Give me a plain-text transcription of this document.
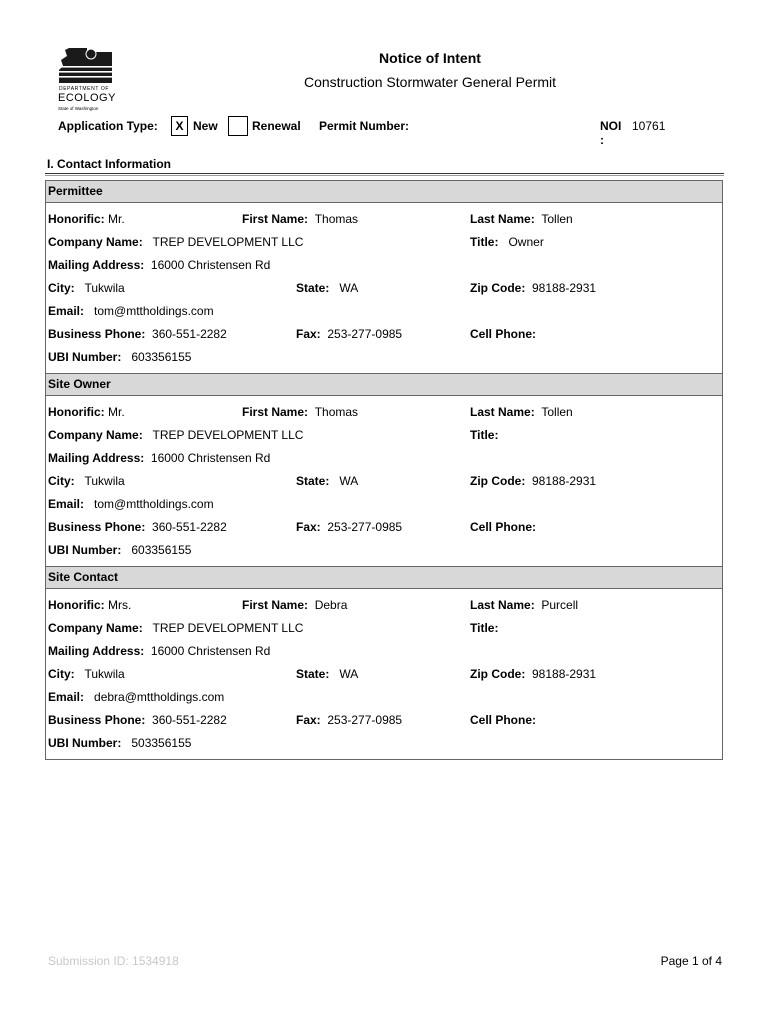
DEPARTMENT OF
ECOLOGY
State of Washington
Notice of Intent
Construction Stormwater General Permit
Application Type:	X New	Renewal Permit Number:	NOI :
10761
I. Contact Information
Permittee
Honorific: Mr.	First Name: Thomas	Last Name: Tollen
Company Name: TREP DEVELOPMENT LLC	Title: Owner
Mailing Address: 16000 Christensen Rd
City: Tukwila	State: WA	Zip Code: 98188-2931
Email: tom@mttholdings.com
Business Phone: 360-551-2282	Fax: 253-277-0985	Cell Phone:
UBI Number: 603356155
Site Owner
Honorific: Mr.	First Name: Thomas	Last Name: Tollen
Company Name: TREP DEVELOPMENT LLC	Title:
Mailing Address: 16000 Christensen Rd
City: Tukwila	State: WA	Zip Code: 98188-2931
Email: tom@mttholdings.com
Business Phone: 360-551-2282	Fax: 253-277-0985	Cell Phone:
UBI Number: 603356155
Site Contact
Honorific: Mrs.	First Name: Debra	Last Name: Purcell
Company Name: TREP DEVELOPMENT LLC	Title:
Mailing Address: 16000 Christensen Rd
City: Tukwila	State: WA	Zip Code: 98188-2931
Email: debra@mttholdings.com
Business Phone: 360-551-2282	Fax: 253-277-0985	Cell Phone:
UBI Number: 503356155
Submission ID: 1534918	Page 1 of 4
